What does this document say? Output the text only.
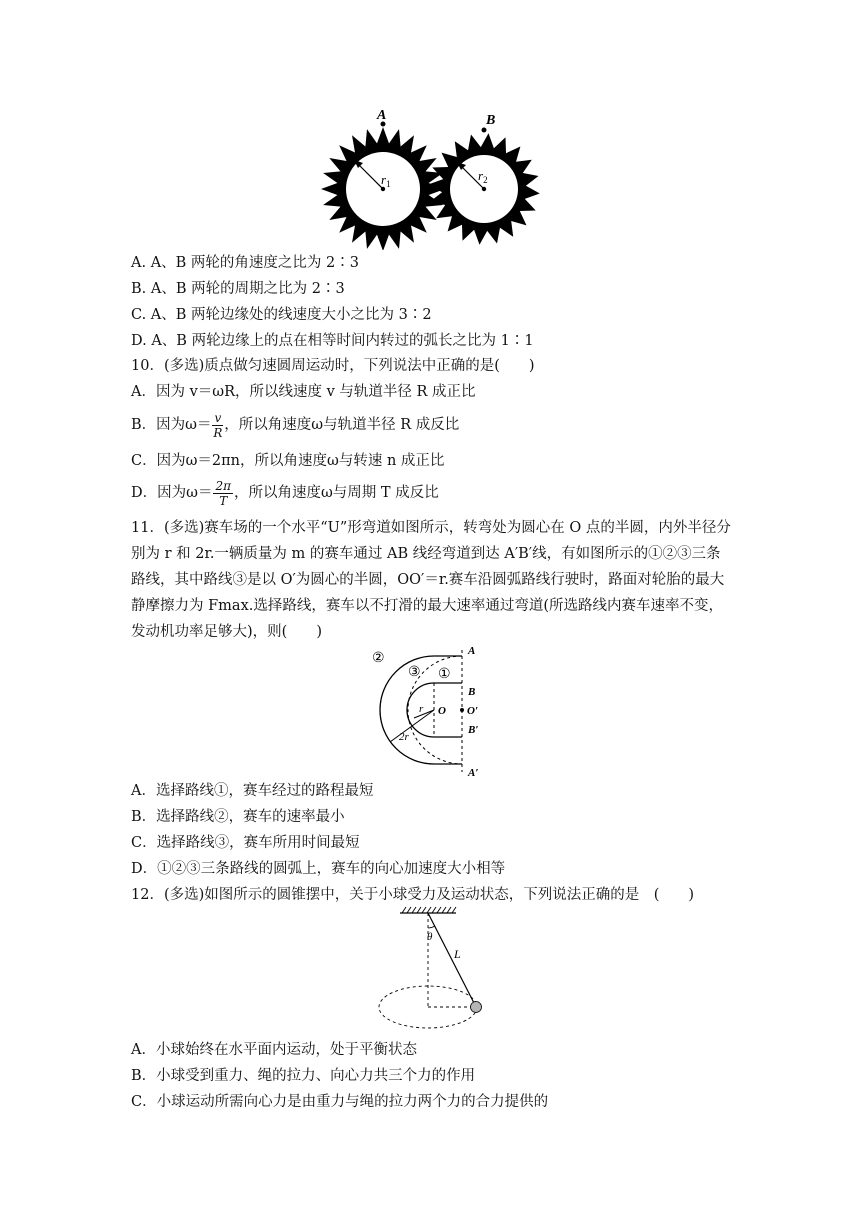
A	B
$r_1$
$r_2$
A. A、B 两轮的角速度之比为 2∶3
B. A、B 两轮的周期之比为 2∶3
C. A、B 两轮边缘处的线速度大小之比为 3∶2
D. A、B 两轮边缘上的点在相等时间内转过的弧长之比为 1∶1
10．(多选)质点做匀速圆周运动时，下列说法中正确的是(　　)
A．因为 v＝ωR，所以线速度 v 与轨道半径 R 成正比
B．因为$\omega= \frac{v}{R}$ ，所以角速度ω与轨道半径 R 成反比
C．因为ω＝2πn，所以角速度ω与转速 n 成正比
D．因为$\omega= \frac{2\pi}{T}$ ，所以角速度ω与周期 T 成反比
11．(多选)赛车场的一个水平“U”形弯道如图所示，转弯处为圆心在 O 点的半圆，内外半径分别为 r 和 2r.一辆质量为 m 的赛车通过 AB 线经弯道到达 A′B′线，有如图所示的①②③三条路线，其中路线③是以 O′为圆心的半圆，OO′＝r.赛车沿圆弧路线行驶时，路面对轮胎的最大静摩擦力为 Fmax.选择路线，赛车以不打滑的最大速率通过弯道(所选路线内赛车速率不变，发动机功率足够大)，则(　　)
②
③ ①
A
B
O O′
B′
A′
r
2r
A．选择路线①，赛车经过的路程最短
B．选择路线②，赛车的速率最小
C．选择路线③，赛车所用时间最短
D．①②③三条路线的圆弧上，赛车的向心加速度大小相等
12．(多选)如图所示的圆锥摆中，关于小球受力及运动状态，下列说法正确的是　(　　)
θ
L
A．小球始终在水平面内运动，处于平衡状态
B．小球受到重力、绳的拉力、向心力共三个力的作用
C．小球运动所需向心力是由重力与绳的拉力两个力的合力提供的
